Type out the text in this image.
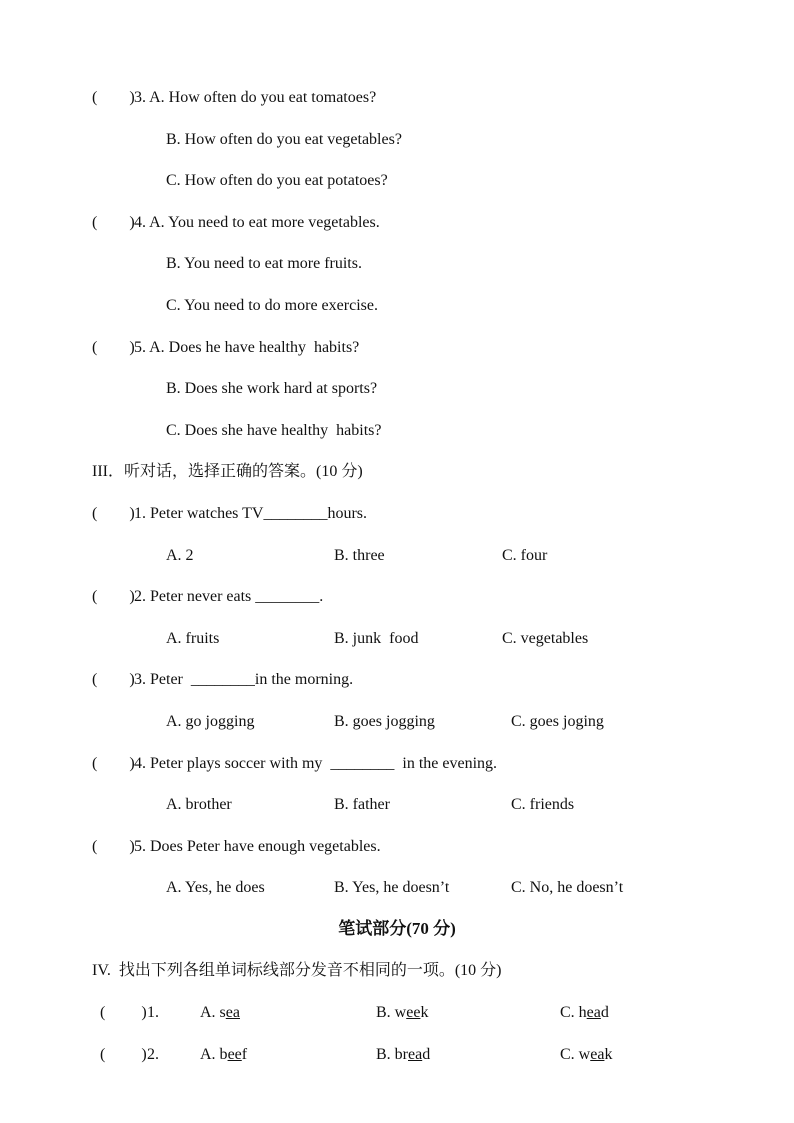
(        ) 3. A. How often do you eat tomatoes?
B. How often do you eat vegetables?
C. How often do you eat potatoes?
(        ) 4. A. You need to eat more vegetables.
B. You need to eat more fruits.
C. You need to do more exercise.
(        ) 5. A. Does he have healthy  habits?
B. Does she work hard at sports?
C. Does she have healthy  habits?
III．听对话，选择正确的答案。(10 分)
(        ) 1. Peter watches TV________hours.
A. 2	B. three	C. four
(        ) 2. Peter never eats ________.
A. fruits	B. junk  food	C. vegetables
(        ) 3. Peter  ________in the morning.
A. go jogging	B. goes jogging	C. goes joging
(        ) 4. Peter plays soccer with my  ________  in the evening.
A. brother	B. father	C. friends
(        ) 5. Does Peter have enough vegetables.
A. Yes, he does	B. Yes, he doesn’t	C. No, he doesn’t
笔试部分(70 分)
IV.  找出下列各组单词标线部分发音不相同的一项。(10 分)
(         ) 1.	A. sea	B. week	C. head
(         ) 2.	A. beef	B. bread	C. weak
